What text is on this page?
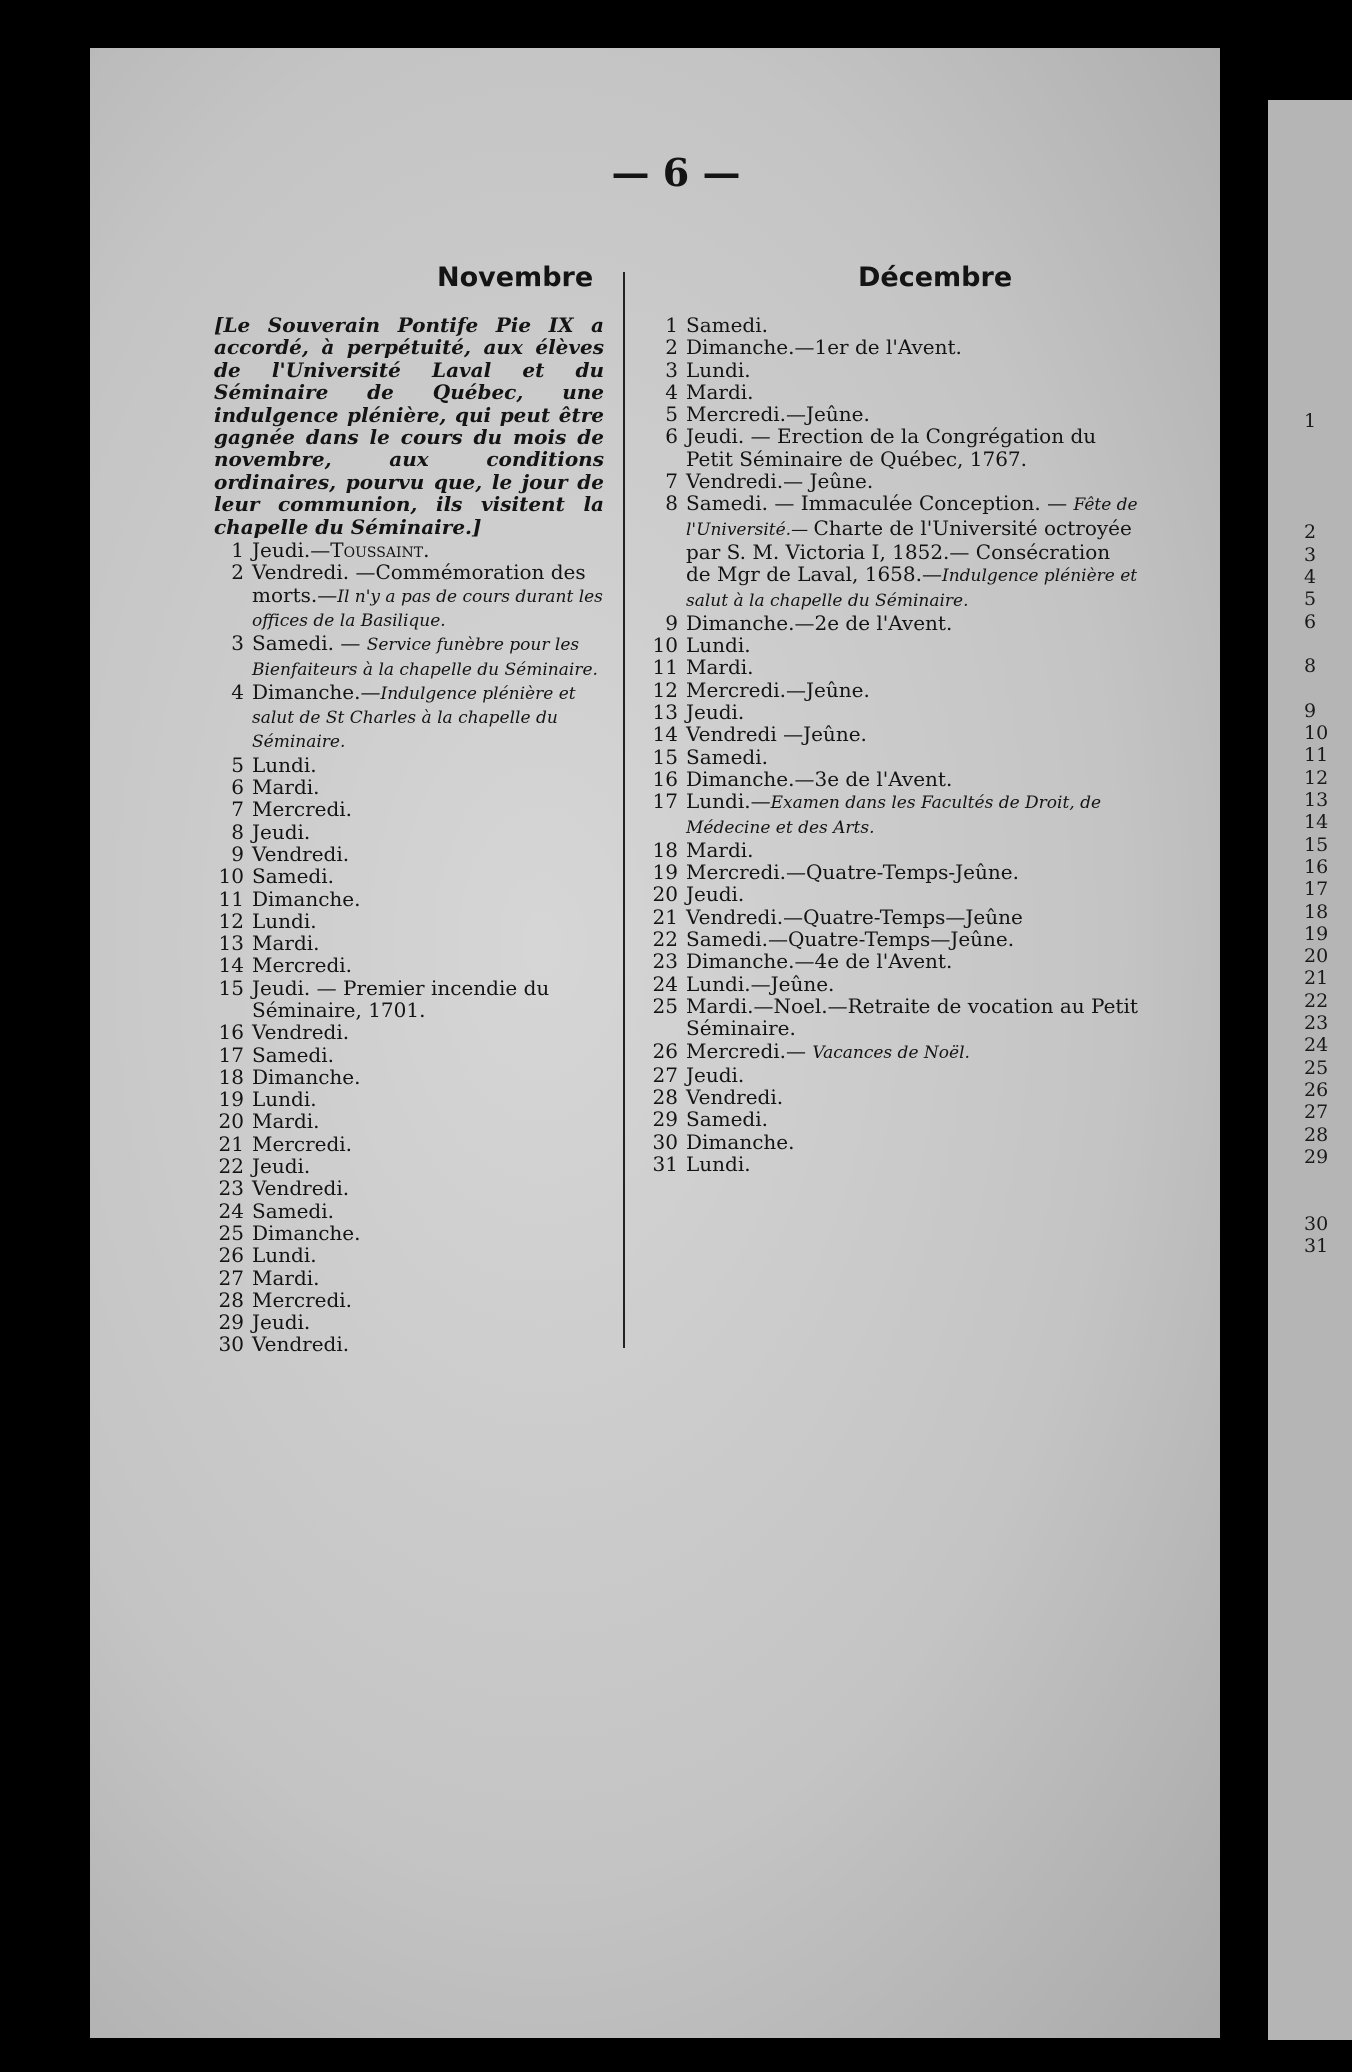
— 6 —
Novembre	Décembre
[Le Souverain Pontife Pie IX a accordé, à perpétuité, aux élèves de l'Université Laval et du Séminaire de Québec, une indulgence plénière, qui peut être gagnée dans le cours du mois de novembre, aux conditions ordinaires, pourvu que, le jour de leur communion, ils visitent la chapelle du Séminaire.]
1 Jeudi.—Toussaint.
2 Vendredi. —Commémoration des morts.—Il n'y a pas de cours durant les offices de la Basilique.
3 Samedi. — Service funèbre pour les Bienfaiteurs à la chapelle du Séminaire.
4 Dimanche.—Indulgence plénière et salut de St Charles à la chapelle du Séminaire.
5 Lundi.
6 Mardi.
7 Mercredi.
8 Jeudi.
9 Vendredi.
10 Samedi.
11 Dimanche.
12 Lundi.
13 Mardi.
14 Mercredi.
15 Jeudi. — Premier incendie du Séminaire, 1701.
16 Vendredi.
17 Samedi.
18 Dimanche.
19 Lundi.
20 Mardi.
21 Mercredi.
22 Jeudi.
23 Vendredi.
24 Samedi.
25 Dimanche.
26 Lundi.
27 Mardi.
28 Mercredi.
29 Jeudi.
30 Vendredi.
1 Samedi.
2 Dimanche.—1er de l'Avent.
3 Lundi.
4 Mardi.
5 Mercredi.—Jeûne.
6 Jeudi. — Erection de la Congrégation du Petit Séminaire de Québec, 1767.
7 Vendredi.— Jeûne.
8 Samedi. — Immaculée Conception. — Fête de l'Université.— Charte de l'Université octroyée par S. M. Victoria I, 1852.— Consécration de Mgr de Laval, 1658.—Indulgence plénière et salut à la chapelle du Séminaire.
9 Dimanche.—2e de l'Avent.
10 Lundi.
11 Mardi.
12 Mercredi.—Jeûne.
13 Jeudi.
14 Vendredi —Jeûne.
15 Samedi.
16 Dimanche.—3e de l'Avent.
17 Lundi.—Examen dans les Facultés de Droit, de Médecine et des Arts.
18 Mardi.
19 Mercredi.—Quatre-Temps-Jeûne.
20 Jeudi.
21 Vendredi.—Quatre-Temps—Jeûne
22 Samedi.—Quatre-Temps—Jeûne.
23 Dimanche.—4e de l'Avent.
24 Lundi.—Jeûne.
25 Mardi.—Noel.—Retraite de vocation au Petit Séminaire.
26 Mercredi.— Vacances de Noël.
27 Jeudi.
28 Vendredi.
29 Samedi.
30 Dimanche.
31 Lundi.
1

2
3
4
5
6

8

9
10
11
12
13
14
15
16
17
18
19
20
21
22
23
24
25
26
27
28
29

30
31
